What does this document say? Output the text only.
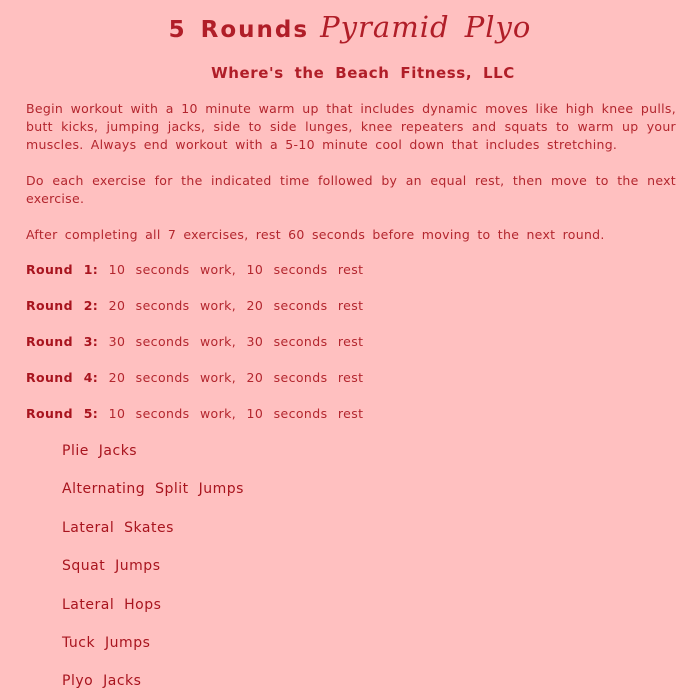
5 Rounds Pyramid Plyo
Where's the Beach Fitness, LLC
Begin workout with a 10 minute warm up that includes dynamic moves like high knee pulls, butt kicks, jumping jacks, side to side lunges, knee repeaters and squats to warm up your muscles. Always end workout with a 5-10 minute cool down that includes stretching.
Do each exercise for the indicated time followed by an equal rest, then move to the next exercise.
After completing all 7 exercises, rest 60 seconds before moving to the next round.
Round 1: 10 seconds work, 10 seconds rest
Round 2: 20 seconds work, 20 seconds rest
Round 3: 30 seconds work, 30 seconds rest
Round 4: 20 seconds work, 20 seconds rest
Round 5: 10 seconds work, 10 seconds rest
Plie Jacks
Alternating Split Jumps
Lateral Skates
Squat Jumps
Lateral Hops
Tuck Jumps
Plyo Jacks
